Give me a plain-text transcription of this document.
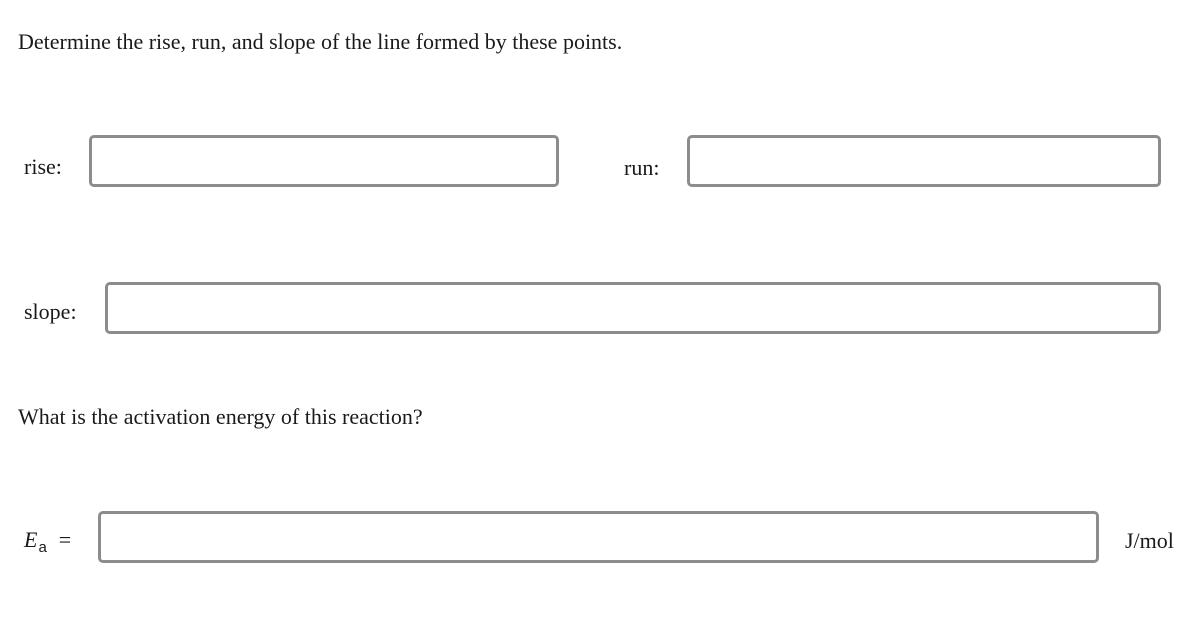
Determine the rise, run, and slope of the line formed by these points.
rise:	run:
slope:
What is the activation energy of this reaction?
$E_a$ =	J/mol
